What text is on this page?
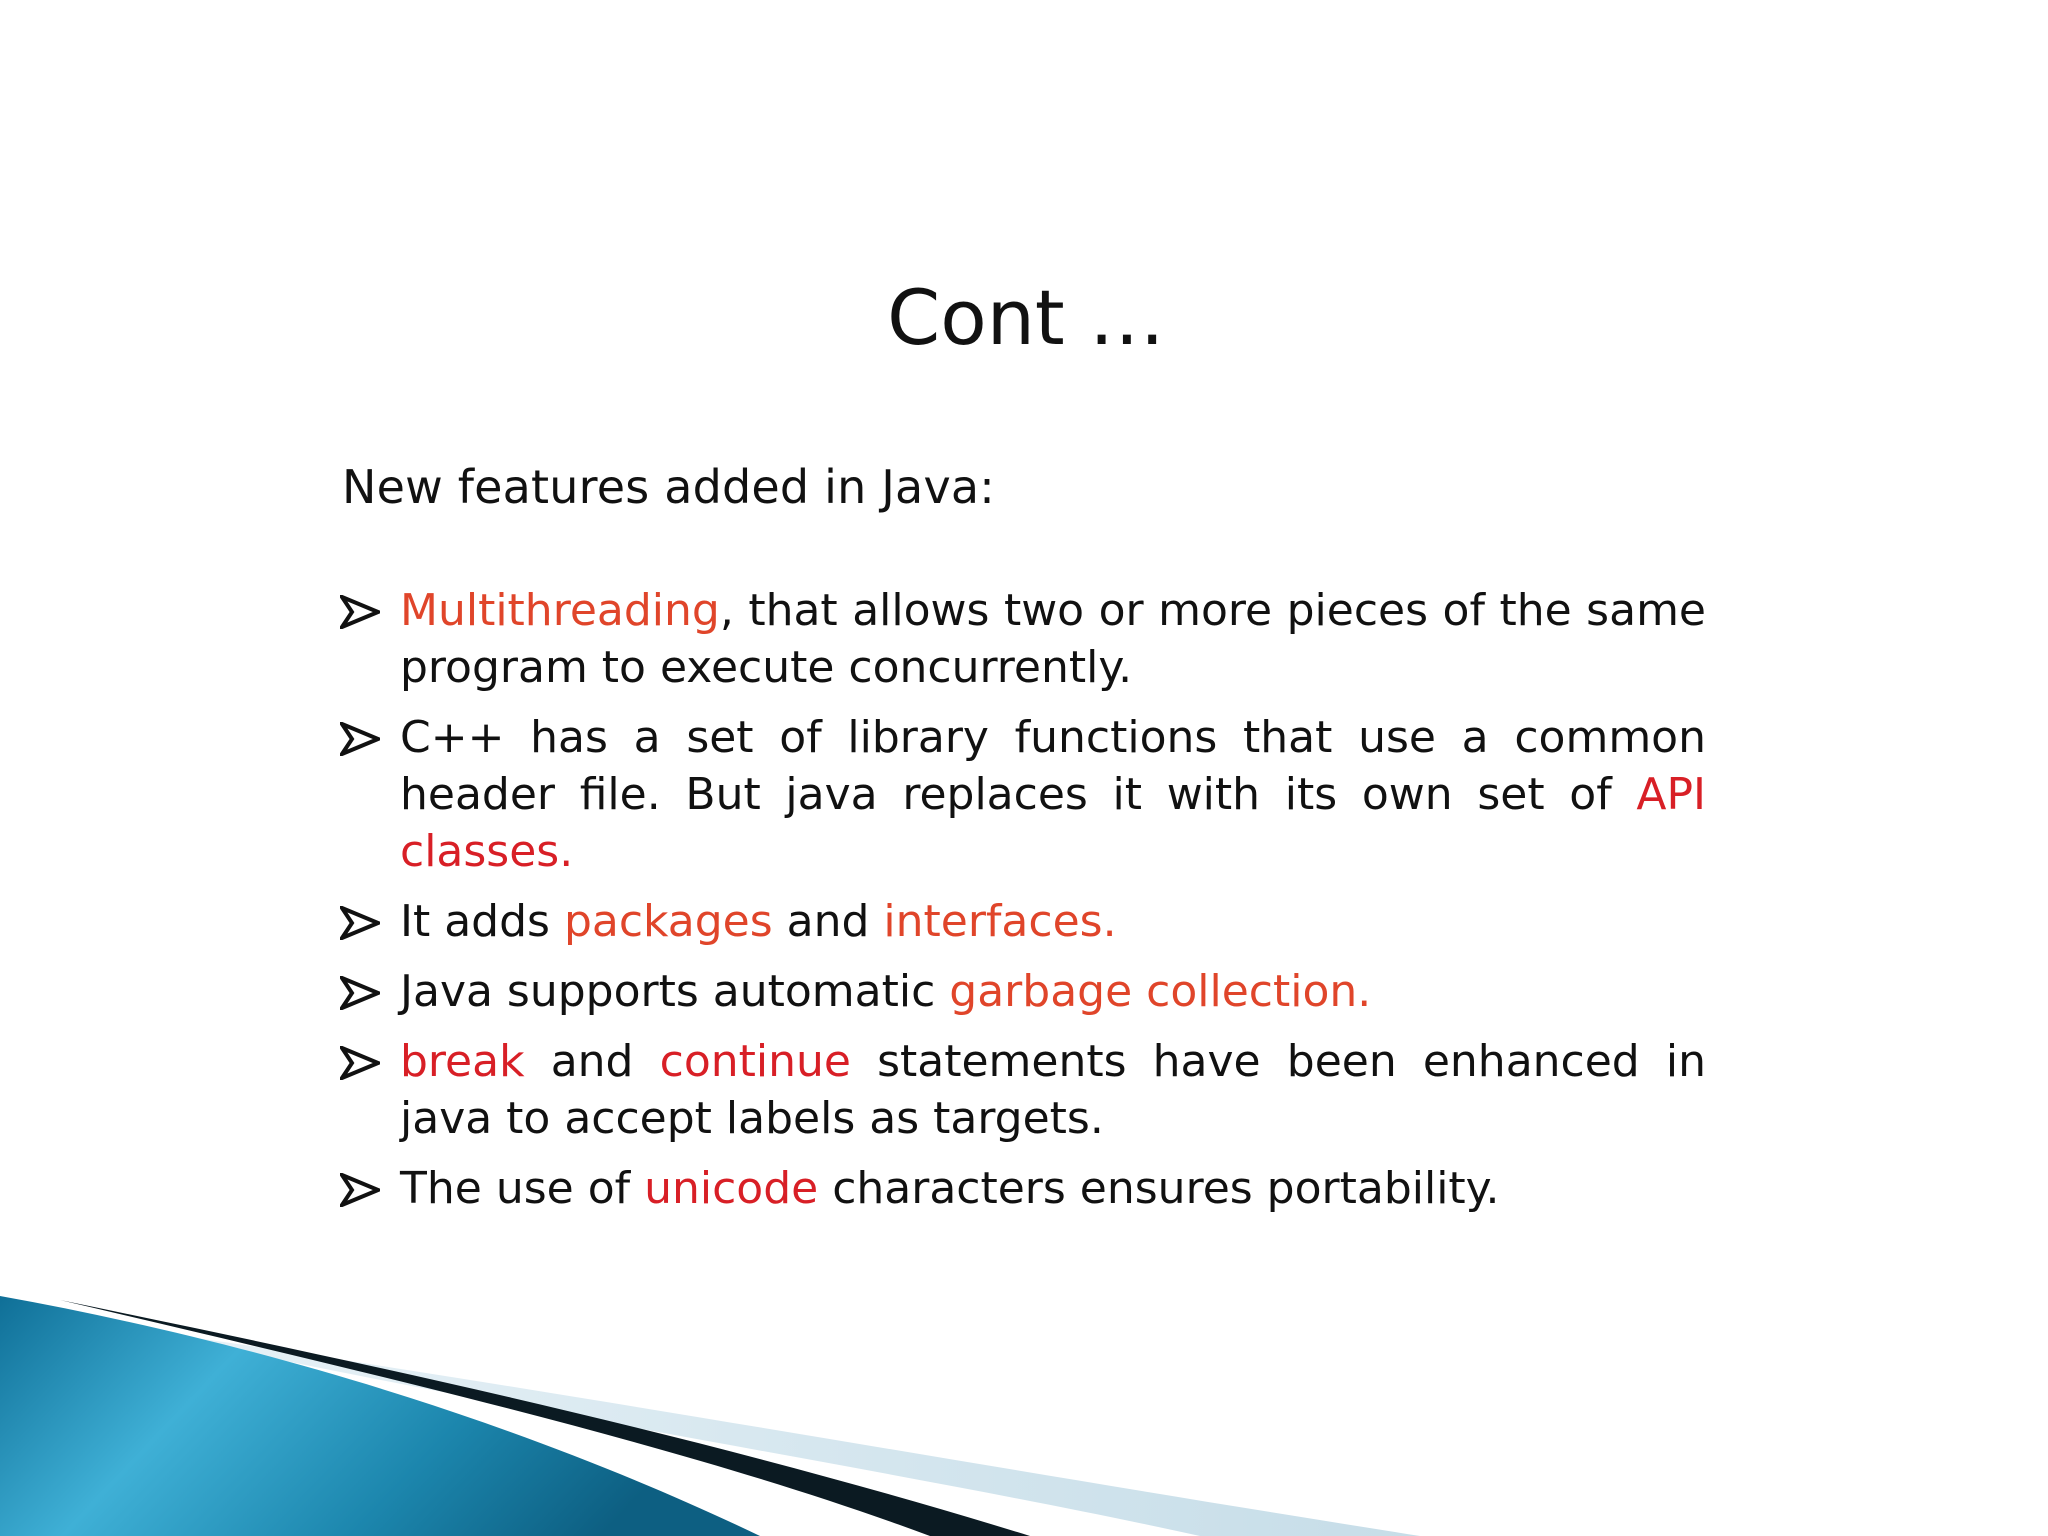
Cont …
New features added in Java:
Multithreading, that allows two or more pieces of the same program to execute concurrently.
C++ has a set of library functions that use a common header file. But java replaces it with its own set of API classes.
It adds packages and interfaces.
Java supports automatic garbage collection.
break and continue statements have been enhanced in java to accept labels as targets.
The use of unicode characters ensures portability.
